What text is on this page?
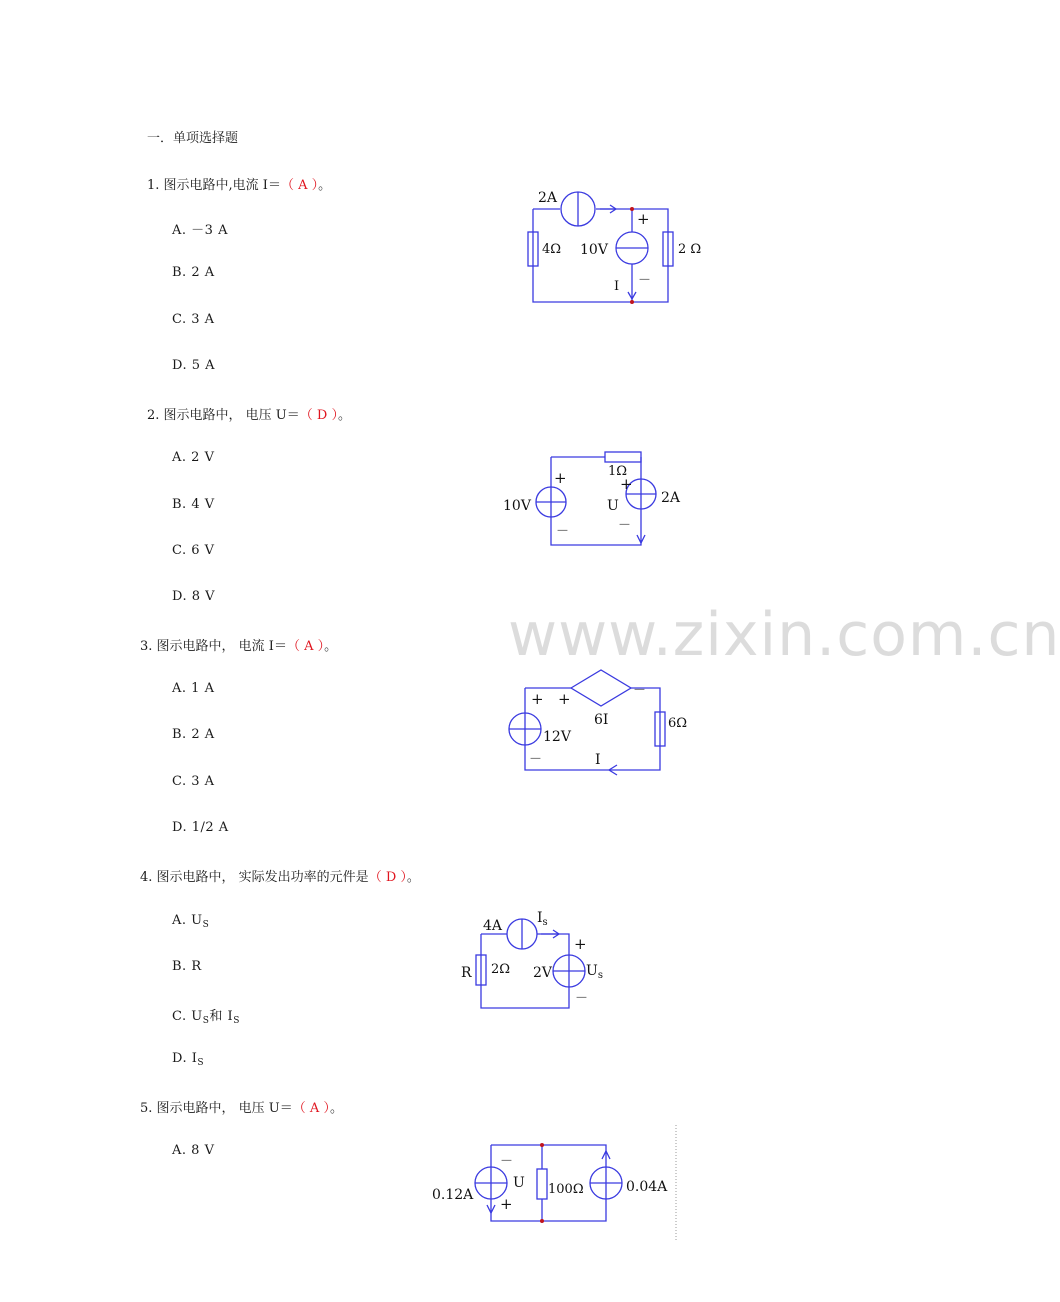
www.zixin.com.cn
一．单项选择题
1. 图示电路中,电流 I＝（ A ）。
A. －3 A
B. 2 A
C. 3 A
D. 5 A
2A
4Ω 10V	2 Ω
I
+
－
2. 图示电路中， 电压 U＝（ D ）。
A. 2 V
B. 4 V
C. 6 V
D. 8 V
1Ω
10V	U	2A
+
－
+
－
3. 图示电路中， 电流 I＝（ A ）。
A. 1 A
B. 2 A
C. 3 A
D. 1/2 A
+ +	－
6I
12V
6Ω
－	I
4. 图示电路中， 实际发出功率的元件是（ D ）。
A. $U_S$
B. R
C. $U_S$和 $I_S$
D. $I_S$
4A $I_s$
R 2Ω 2V $U_s$
+
－
5. 图示电路中， 电压 U＝（ A ）。
A. 8 V
－
0.12A
U 100Ω	0.04A
+
